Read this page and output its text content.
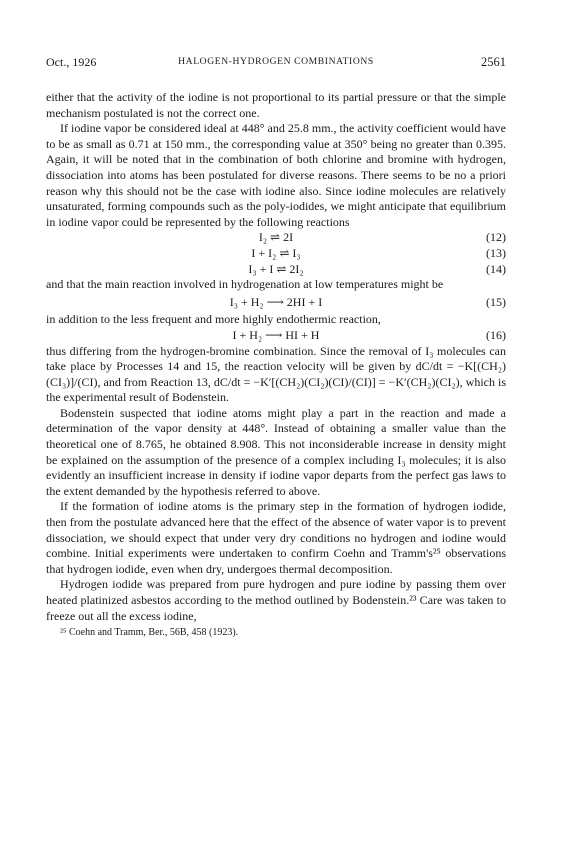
Oct., 1926	HALOGEN-HYDROGEN COMBINATIONS	2561

either that the activity of the iodine is not proportional to its partial pressure or that the simple mechanism postulated is not the correct one.

If iodine vapor be considered ideal at 448° and 25.8 mm., the activity coefficient would have to be as small as 0.71 at 150 mm., the corresponding value at 350° being no greater than 0.395. Again, it will be noted that in the combination of both chlorine and bromine with hydrogen, dissociation into atoms has been postulated for diverse reasons. There seems to be no a priori reason why this should not be the case with iodine also. Since iodine molecules are relatively unsaturated, forming compounds such as the poly-iodides, we might anticipate that equilibrium in iodine vapor could be represented by the following reactions

I₂ ⇌ 2I	(12)
I + I₂ ⇌ I₃	(13)
I₃ + I ⇌ 2I₂	(14)

and that the main reaction involved in hydrogenation at low temperatures might be

I₃ + H₂ ⟶ 2HI + I	(15)

in addition to the less frequent and more highly endothermic reaction,

I + H₂ ⟶ HI + H	(16)

thus differing from the hydrogen-bromine combination. Since the removal of I₃ molecules can take place by Processes 14 and 15, the reaction velocity will be given by dC/dt = −K[(CH₂)(CI₃)]/(CI), and from Reaction 13, dC/dt = −K′[(CH₂)(CI₂)(CI)/(CI)] = −K′(CH₂)(CI₂), which is the experimental result of Bodenstein.

Bodenstein suspected that iodine atoms might play a part in the reaction and made a determination of the vapor density at 448°. Instead of obtaining a smaller value than the theoretical one of 8.765, he obtained 8.908. This not inconsiderable increase in density might be explained on the assumption of the presence of a complex including I₃ molecules; it is also evidently an insufficient increase in density if iodine vapor departs from the perfect gas laws to the extent demanded by the hypothesis referred to above.

If the formation of iodine atoms is the primary step in the formation of hydrogen iodide, then from the postulate advanced here that the effect of the absence of water vapor is to prevent dissociation, we should expect that under very dry conditions no hydrogen and iodine would combine. Initial experiments were undertaken to confirm Coehn and Tramm's²⁵ observations that hydrogen iodide, even when dry, undergoes thermal decomposition.

Hydrogen iodide was prepared from pure hydrogen and pure iodine by passing them over heated platinized asbestos according to the method outlined by Bodenstein.²³ Care was taken to freeze out all the excess iodine,

²⁵ Coehn and Tramm, Ber., 56B, 458 (1923).
